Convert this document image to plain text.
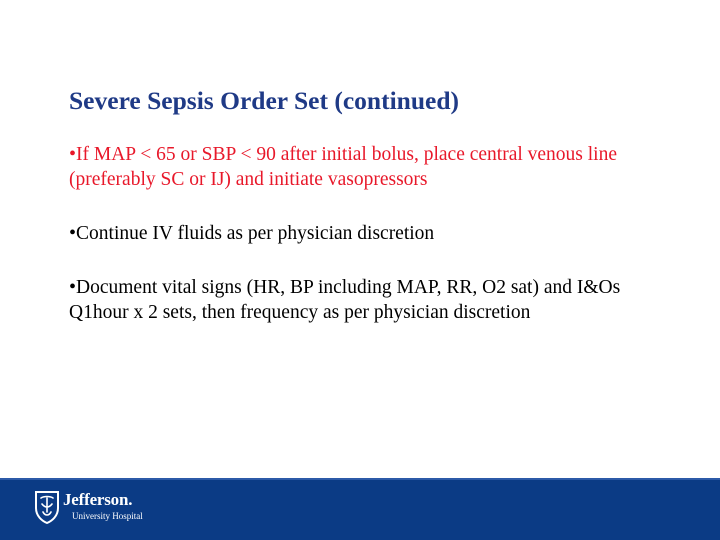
Severe Sepsis Order Set (continued)
•If MAP < 65 or SBP < 90 after initial bolus, place central venous line (preferably SC or IJ) and initiate vasopressors
•Continue IV fluids as per physician discretion
•Document vital signs (HR, BP including MAP, RR, O2 sat) and I&Os Q1hour x 2 sets, then frequency as per physician discretion
Jefferson.
University Hospital
